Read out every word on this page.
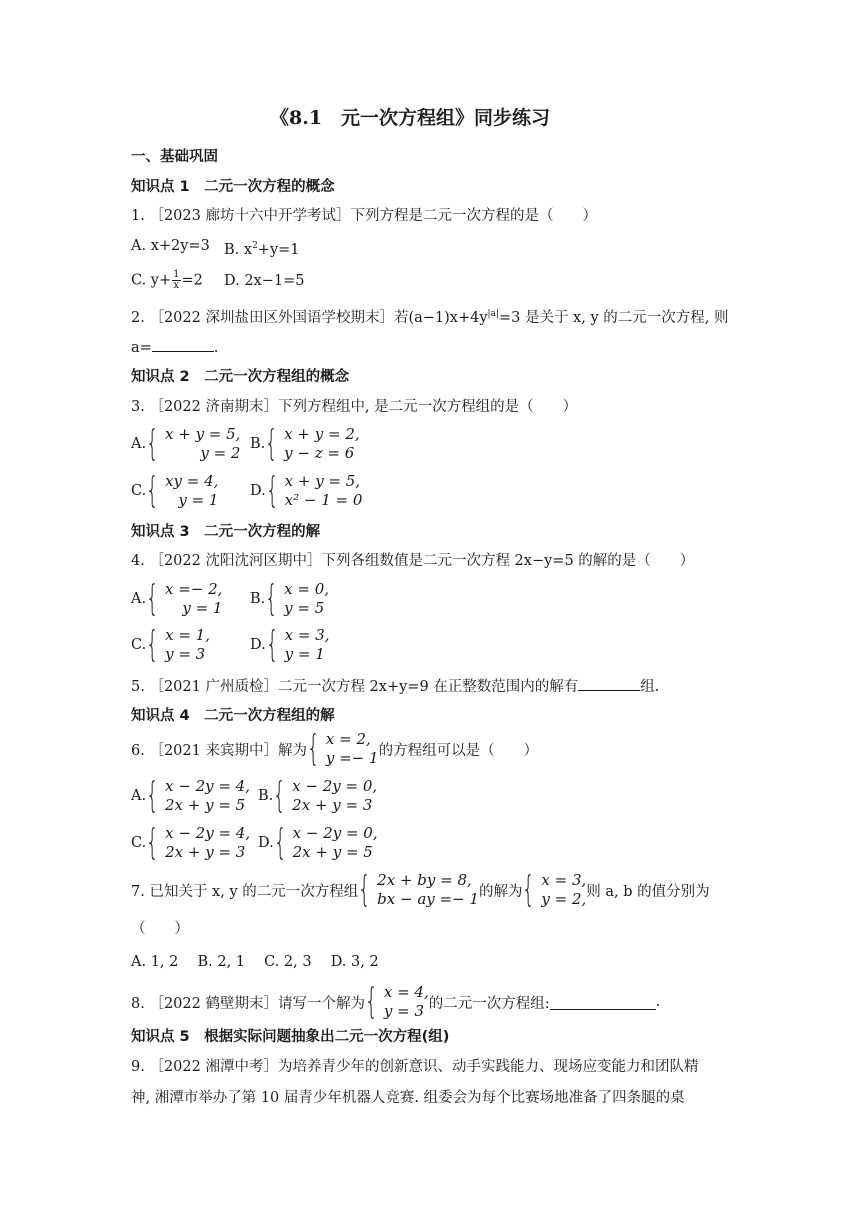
《8.1　元一次方程组》同步练习
一、基础巩固
知识点 1　二元一次方程的概念
1. ［2023 廊坊十六中开学考试］下列方程是二元一次方程的是（　　）
A. x+2y=3 B. $x^2+y=1$
C. $y+ \frac{1}{x} =2$ D. 2x−1=5
2. ［2022 深圳盐田区外国语学校期末］若$(a-1)x+4y^{|a|}=3$ 是关于 x, y 的二元一次方程, 则
a=	.
知识点 2　二元一次方程组的概念
3. ［2022 济南期末］下列方程组中, 是二元一次方程组的是（　　）
A. { x + y = 5,
y = 2 B. { x + y = 2,
y − z = 6
C. { xy = 4,
y = 1 D. { x + y = 5,
x² − 1 = 0
知识点 3　二元一次方程的解
4. ［2022 沈阳沈河区期中］下列各组数值是二元一次方程 2x−y=5 的解的是（　　）
A. { x =− 2,
y = 1 B. { x = 0,
y = 5
C. { x = 1,
y = 3	D. { x = 3,
y = 1
5. ［2021 广州质检］二元一次方程 2x+y=9 在正整数范围内的解有	组.
知识点 4　二元一次方程组的解
6. ［2021 来宾期中］解为 { x = 2,
y =− 1 的方程组可以是（　　）
A. { x − 2y = 4,
2x + y = 5 B. { x − 2y = 0,
2x + y = 3
C. { x − 2y = 4,
2x + y = 3 D. { x − 2y = 0,
2x + y = 5
7. 已知关于 x, y 的二元一次方程组 { 2x + by = 8,
bx − ay =− 1 的解为 { x = 3,
y = 2, 则 a, b 的值分别为
（　　）
A. 1, 2　 B. 2, 1　 C. 2, 3　 D. 3, 2
8. ［2022 鹤壁期末］请写一个解为 { x = 4,
y = 3 的二元一次方程组:	.
知识点 5　根据实际问题抽象出二元一次方程(组)
9. ［2022 湘潭中考］为培养青少年的创新意识、动手实践能力、现场应变能力和团队精
神, 湘潭市举办了第 10 届青少年机器人竞赛. 组委会为每个比赛场地准备了四条腿的桌
